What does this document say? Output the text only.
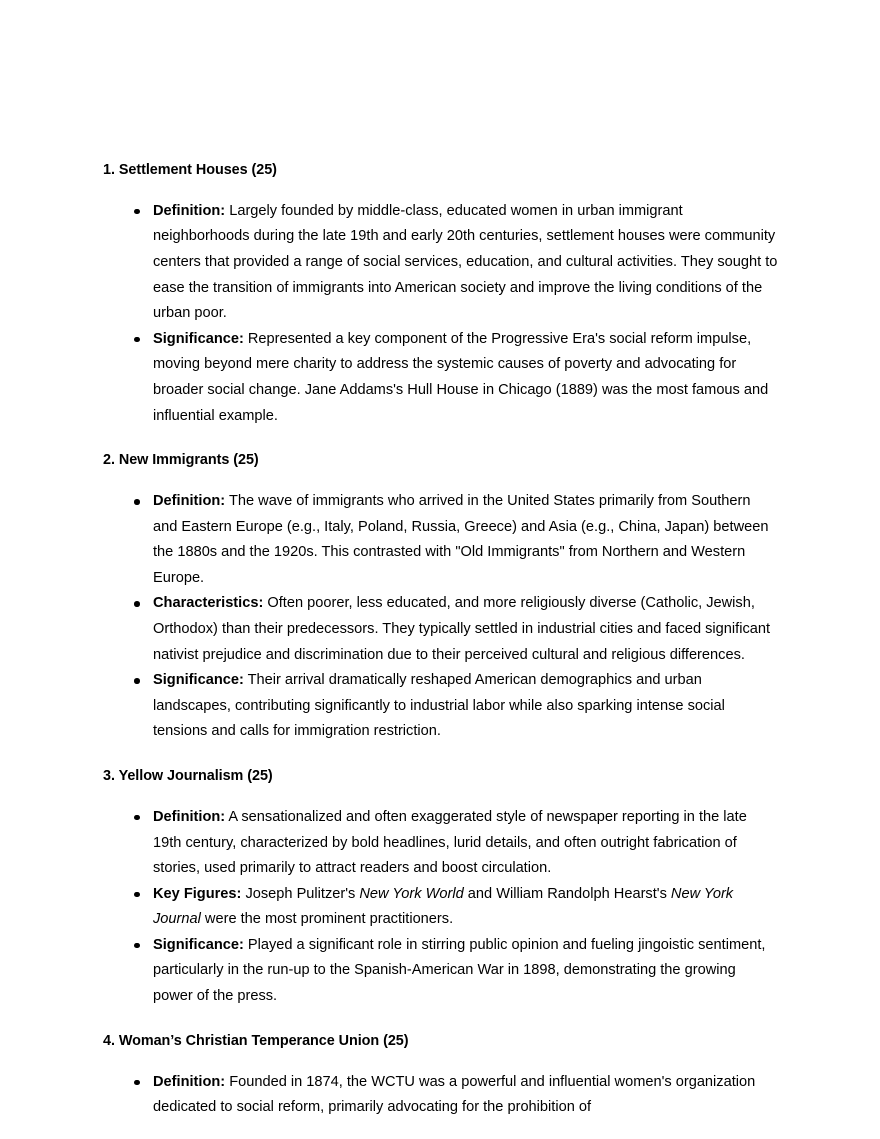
1. Settlement Houses (25)
Definition: Largely founded by middle-class, educated women in urban immigrant neighborhoods during the late 19th and early 20th centuries, settlement houses were community centers that provided a range of social services, education, and cultural activities. They sought to ease the transition of immigrants into American society and improve the living conditions of the urban poor.
Significance: Represented a key component of the Progressive Era's social reform impulse, moving beyond mere charity to address the systemic causes of poverty and advocating for broader social change. Jane Addams's Hull House in Chicago (1889) was the most famous and influential example.
2. New Immigrants (25)
Definition: The wave of immigrants who arrived in the United States primarily from Southern and Eastern Europe (e.g., Italy, Poland, Russia, Greece) and Asia (e.g., China, Japan) between the 1880s and the 1920s. This contrasted with "Old Immigrants" from Northern and Western Europe.
Characteristics: Often poorer, less educated, and more religiously diverse (Catholic, Jewish, Orthodox) than their predecessors. They typically settled in industrial cities and faced significant nativist prejudice and discrimination due to their perceived cultural and religious differences.
Significance: Their arrival dramatically reshaped American demographics and urban landscapes, contributing significantly to industrial labor while also sparking intense social tensions and calls for immigration restriction.
3. Yellow Journalism (25)
Definition: A sensationalized and often exaggerated style of newspaper reporting in the late 19th century, characterized by bold headlines, lurid details, and often outright fabrication of stories, used primarily to attract readers and boost circulation.
Key Figures: Joseph Pulitzer's New York World and William Randolph Hearst's New York Journal were the most prominent practitioners.
Significance: Played a significant role in stirring public opinion and fueling jingoistic sentiment, particularly in the run-up to the Spanish-American War in 1898, demonstrating the growing power of the press.
4. Woman’s Christian Temperance Union (25)
Definition: Founded in 1874, the WCTU was a powerful and influential women's organization dedicated to social reform, primarily advocating for the prohibition of
